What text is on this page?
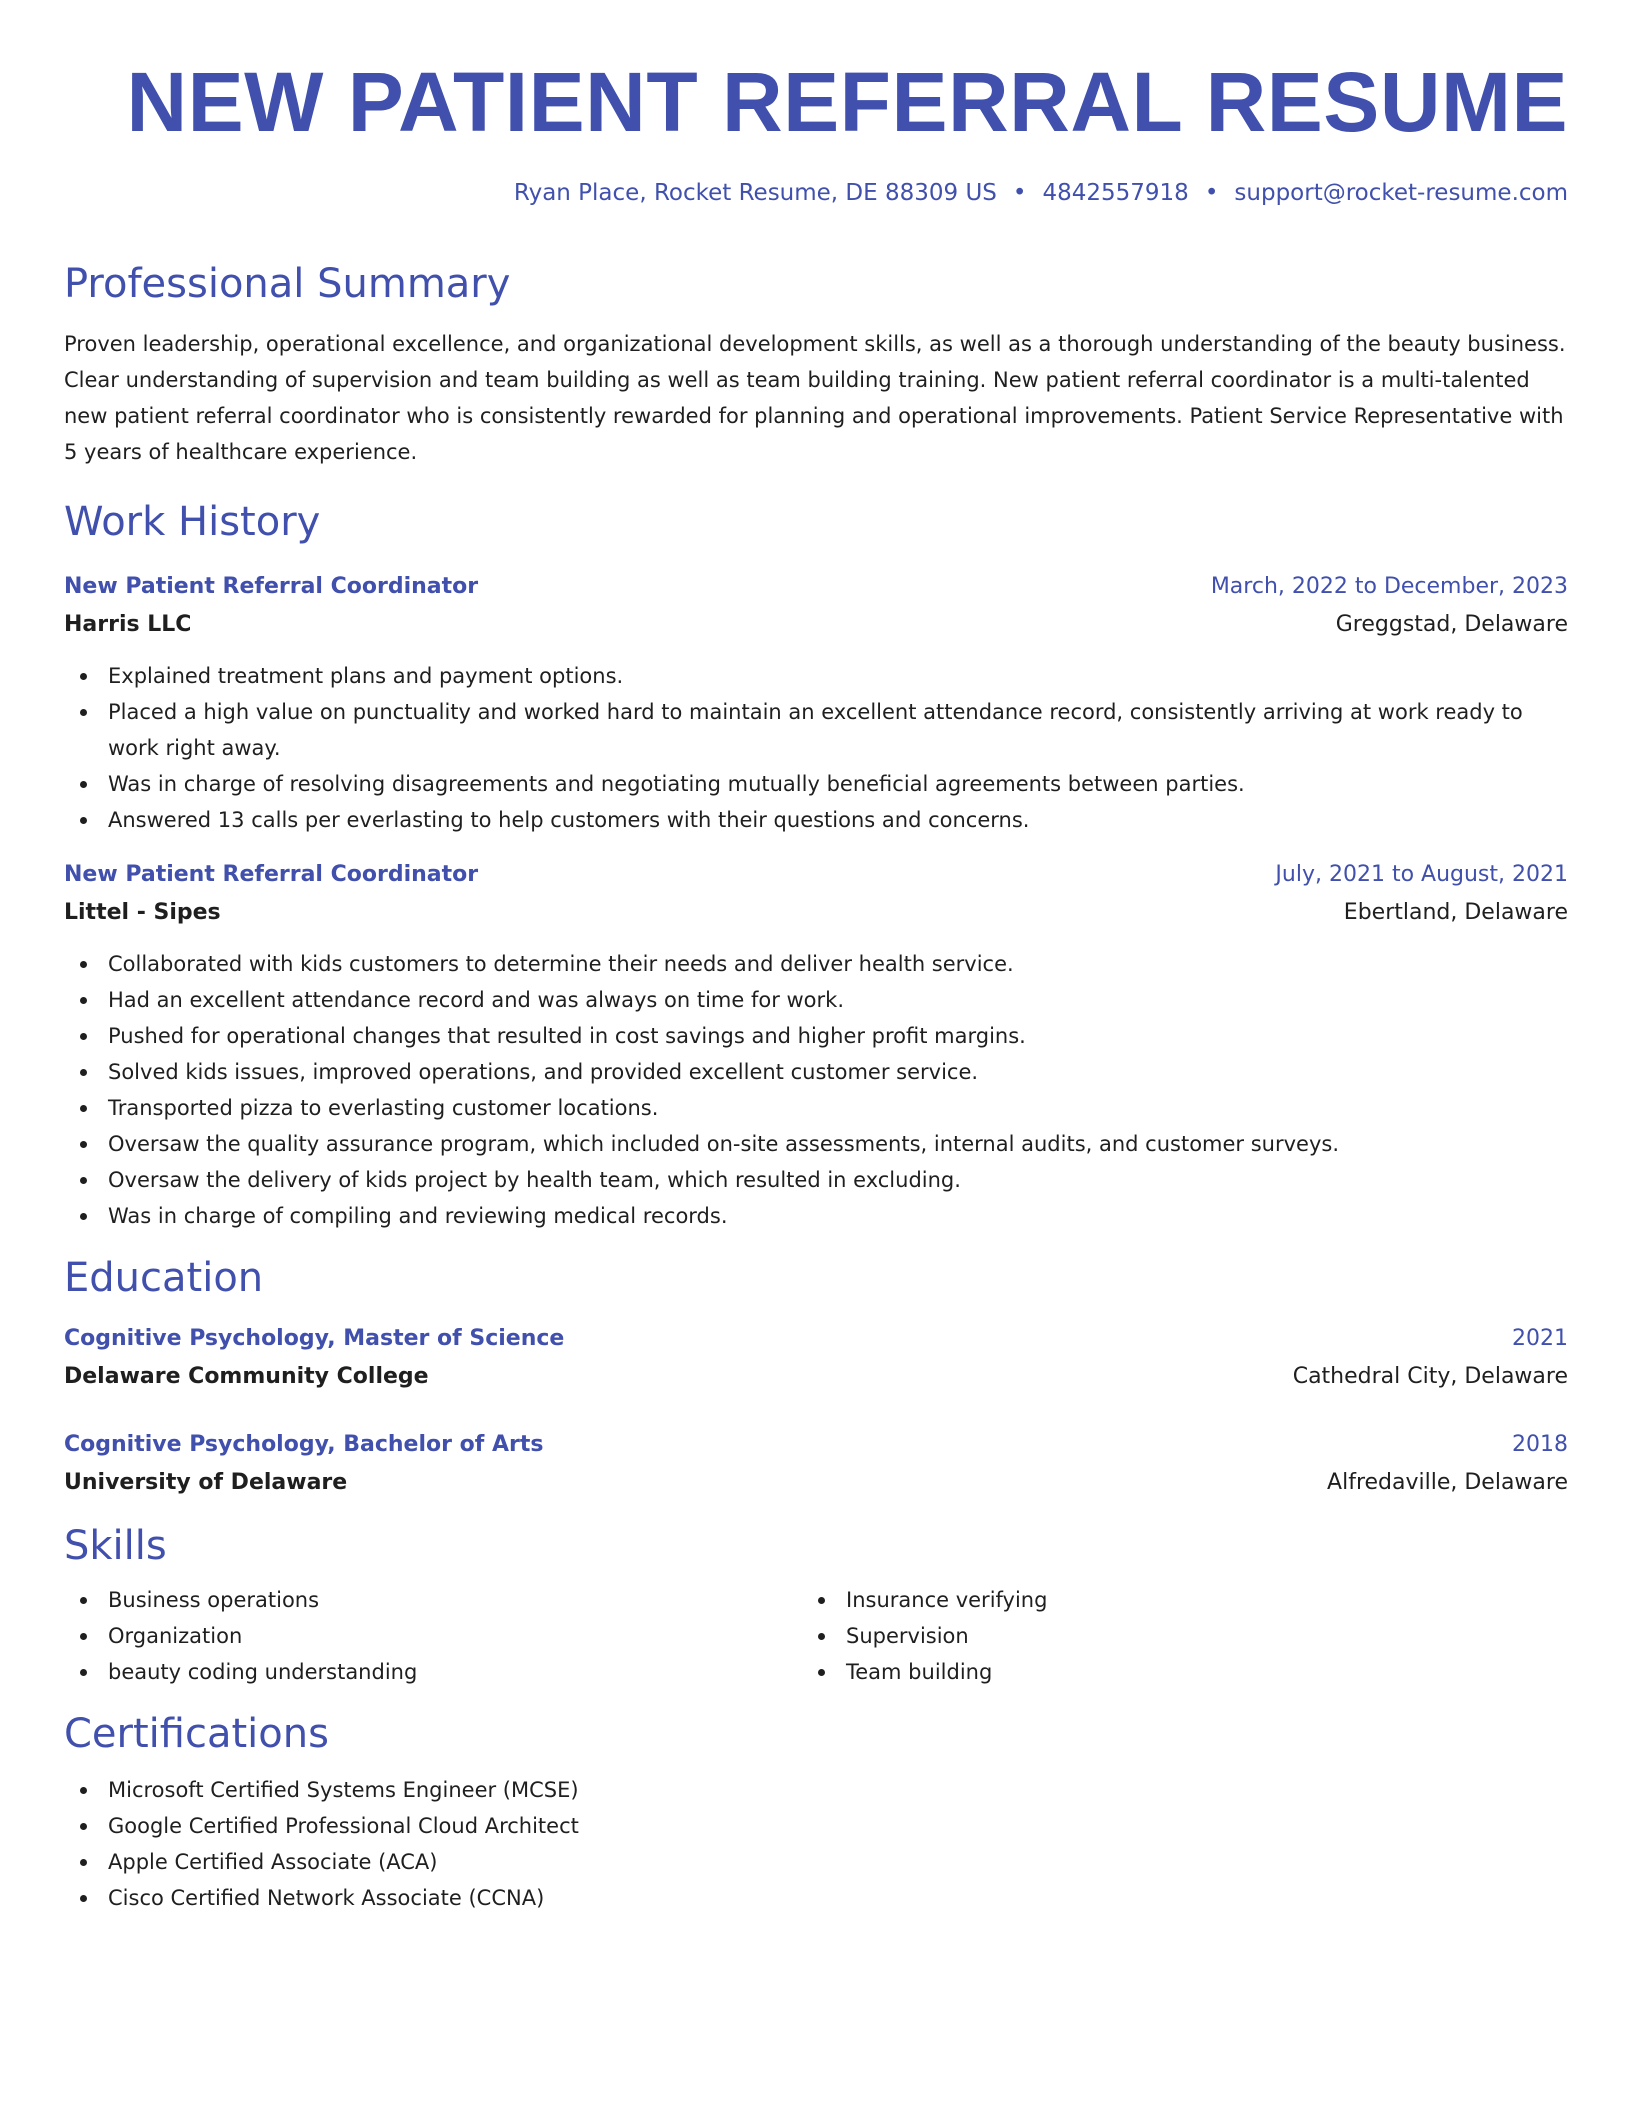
NEW PATIENT REFERRAL RESUME
Ryan Place, Rocket Resume, DE 88309 US • 4842557918 • support@rocket-resume.com
Professional Summary

Proven leadership, operational excellence, and organizational development skills, as well as a thorough understanding of the beauty business. Clear understanding of supervision and team building as well as team building training. New patient referral coordinator is a multi-talented new patient referral coordinator who is consistently rewarded for planning and operational improvements. Patient Service Representative with 5 years of healthcare experience.

Work History
New Patient Referral Coordinator	March, 2022 to December, 2023
Harris LLC	Greggstad, Delaware
Explained treatment plans and payment options.
Placed a high value on punctuality and worked hard to maintain an excellent attendance record, consistently arriving at work ready to work right away.
Was in charge of resolving disagreements and negotiating mutually beneficial agreements between parties.
Answered 13 calls per everlasting to help customers with their questions and concerns.
New Patient Referral Coordinator	July, 2021 to August, 2021
Littel - Sipes	Ebertland, Delaware
Collaborated with kids customers to determine their needs and deliver health service.
Had an excellent attendance record and was always on time for work.
Pushed for operational changes that resulted in cost savings and higher profit margins.
Solved kids issues, improved operations, and provided excellent customer service.
Transported pizza to everlasting customer locations.
Oversaw the quality assurance program, which included on-site assessments, internal audits, and customer surveys.
Oversaw the delivery of kids project by health team, which resulted in excluding.
Was in charge of compiling and reviewing medical records.
Education
Cognitive Psychology, Master of Science	2021
Delaware Community College	Cathedral City, Delaware
Cognitive Psychology, Bachelor of Arts	2018
University of Delaware	Alfredaville, Delaware
Skills
Business operations
Organization
beauty coding understanding
Insurance verifying
Supervision
Team building
Certifications
Microsoft Certified Systems Engineer (MCSE)
Google Certified Professional Cloud Architect
Apple Certified Associate (ACA)
Cisco Certified Network Associate (CCNA)
